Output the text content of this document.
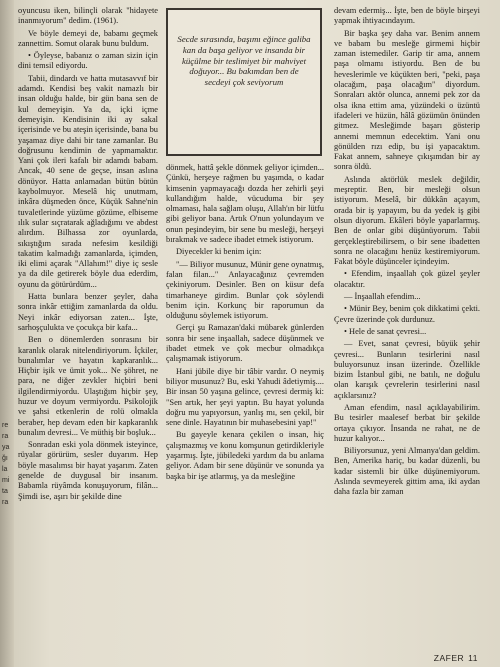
re
ra
ya
ğı
la
mi
ta
ra

oyuncusu iken, bilinçli olarak "hidayete inanmıyorum" dedim. (1961).

Ve böyle demeyi de, babamı geçmek zannettim. Somut olarak bunu buldum.

• Öyleyse, babanız o zaman sizin için dini temsil ediyordu.

Tabii, dindardı ve hatta mutasavvıf bir adamdı. Kendisi beş vakit namazlı bir insan olduğu halde, bir gün bana sen de kul demeyişin. Ya da, içki içme demeyişin. Kendisinin iki ay sakal içerisinde ve bu ateşin içerisinde, bana bu yaşamaz diye dahi bir tane zamanlar. Bu doğrusunu kendimin de yapmamaktır. Yani çok ileri kafalı bir adamdı babam. Ancak, 40 sene de geçse, insan aslına dönüyor. Hatta anlamadan bütün bütün kaybolmuyor. Meselâ hiç unutmam, inkâra düşmeden önce, Küçük Sahne'nin tuvaletlerinde yüzüme gözüme, elbiseme ılık sular sıçratarak ağladığımı ve abdest alırdım. Bilhassa zor oyunlarda, sıkıştığım sırada nefesim kesildiği takatim kalmadığı zamanlarda, içimden, iki elimi açarak "Allahım!" diye iç sesle ya da dile getirerek böyle dua ederdim, oyunu da götürürdüm...

Hatta bunlara benzer şeyler, daha sonra inkâr ettiğim zamanlarda da oldu. Neyi inkâr ediyorsan zaten... İşte, sarhoşçulukta ve çocukça bir kafa...

Ben o dönemlerden sonrasını bir karanlık olarak nitelendiriyorum. İçkiler, bunalımlar ve hayatın kapkaranlık... Hiçbir işik ve ümit yok... Ne şöhret, ne para, ne diğer zevkler hiçbiri beni ilgilendirmiyordu. Ulaştığım hiçbir şey, huzur ve doyum vermiyordu. Psikolojik ve şahsi etkenlerin de rolü olmakla beraber, hep devam eden bir kapkaranlık bunalım devresi... Ve müthiş bir boşluk...

Sonradan eski yola dönmek isteyince, rüyalar görürüm, sesler duyarım. Hep böyle masalımsı bir hayat yaşarım. Zaten genelde de duygusal bir insanım. Babamla rüyâmda konuşuyorum, filân... Şimdi ise, aşırı bir şekilde dine

Secde sırasında, başımı eğince galiba kan da başa geliyor ve insanda bir küçülme bir teslimiyet bir mahviyet doğuyor... Bu bakımdan ben de secdeyi çok seviyorum

dönmek, hattâ şekle dönmek geliyor içimden... Çünkü, herşeye rağmen bu yaşımda, o kadar kimsenin yapmayacağı dozda her zehirli şeyi kullandığım halde, vücuduma bir şey olmaması, hala sağlam oluşu, Allah'ın bir lütfu gibi geliyor bana. Artık O'nun yolundayım ve onun peşindeyim, bir sene bu mesleği, herşeyi bırakmak ve sadece ibadet etmek istiyorum.

Diyecekler ki benim için:

"— Biliyor musunuz, Münir gene oynatmış, falan filan..." Anlayacağınız çevremden çekiniyorum. Desinler. Ben on küsur defa timarhaneye girdim. Bunlar çok söylendi benim için. Korkunç bir raporumun da olduğunu söylemek istiyorum.

Gerçi şu Ramazan'daki mübarek günlerden sonra bir sene inşaallah, sadece düşünmek ve ibadet etmek ve çok mecbur olmadıkça çalışmamak istiyorum.

Hani jübile diye bir tâbir vardır. O neymiş biliyor musunuz? Bu, eski Yahudi âdetiymiş.... Bir insan 50 yaşına gelince, çevresi dermiş ki: "Sen artık, her şeyi yaptın. Bu hayat yolunda doğru mu yapıyorsun, yanlış mı, sen çekil, bir sene dinle. Hayatının bir muhasebesini yap!"

Bu gayeyle kenara çekilen o insan, hiç çalışmazmış ve konu komşunun getirdikleriyle yaşarmış. İşte, jübiledeki yardım da bu anlama geliyor. Adam bir sene düşünür ve sonunda ya başka bir işe atlarmış, ya da mesleğine

devam edermiş... İşte, ben de böyle birşeyi yapmak ihtiyacındayım.

Bir başka şey daha var. Benim annem ve babam bu mesleğe girmemi hiçbir zaman istemediler. Garip tir ama, annem paşa olmamı istiyordu. Ben de bu heveslerimle ve küçükten beri, "peki, paşa olacağım, paşa olacağım" diyordum. Sonraları aktör olunca, annemi pek zor da olsa ikna ettim ama, yüzündeki o üzüntü ifadeleri ve hüzün, hâlâ gözümün önünden gitmez. Mesleğimde başarı gösterip annemi memnun edecektim. Yani onu gönülden rızı edip, bu işi yapacaktım. Fakat annem, sahneye çıkışımdan bir ay sonra öldü.

Aslında aktörlük meslek değildir, meşreptir. Ben, bir mesleği olsun istiyorum. Meselâ, bir dükkân açayım, orada bir iş yapayım, bu da yedek iş gibi olsun diyorum. Ekâleri böyle yaparlarmış. Ben de onlar gibi düşünüyorum. Tabii gerçekleştirebilirsem, o bir sene ibadetten sonra ne olacağını henüz kestiremiyorum. Fakat böyle düşünceler içindeyim.

• Efendim, inşaallah çok güzel şeyler olacaktır.

— İnşaallah efendim...

• Münir Bey, benim çok dikkatimi çekti. Çevre üzerinde çok durdunuz.

• Hele de sanat çevresi...

— Evet, sanat çevresi, büyük şehir çevresi... Bunların tesirlerini nasıl buluyorsunuz insan üzerinde. Özellikle bizim İstanbul gibi, ne batılı, ne doğulu olan karışık çevrelerin tesirlerini nasıl açıklarsınız?

Aman efendim, nasıl açıklayabilirim. Bu tesirler maalesef berbat bir şekilde ortaya çıkıyor. İnsanda ne rahat, ne de huzur kalıyor...

Biliyorsunuz, yeni Almanya'dan geldim. Ben, Amerika hariç, bu kadar düzenli, bu kadar sistemli bir ülke düşünemiyorum. Aslında sevmeyerek gittim ama, iki aydan daha fazla bir zaman

ZAFER 11
